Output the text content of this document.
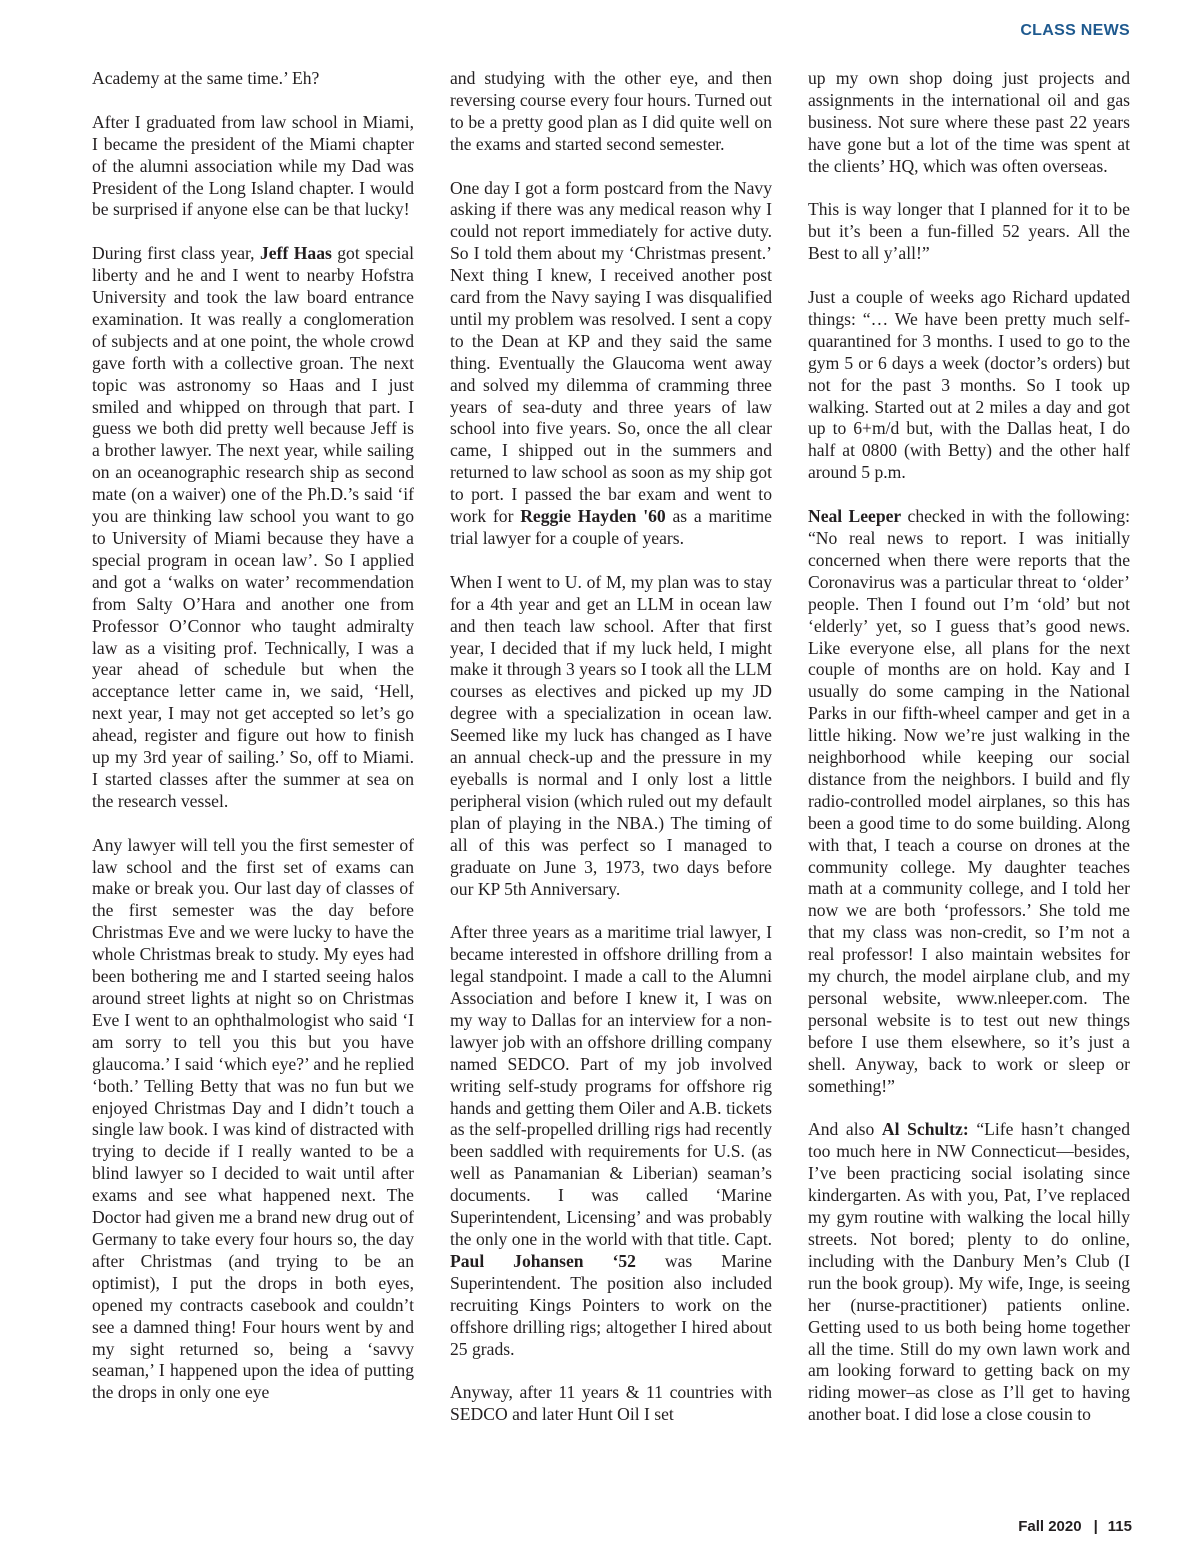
CLASS NEWS

Academy at the same time.’ Eh?

After I graduated from law school in Miami, I became the president of the Miami chapter of the alumni association while my Dad was President of the Long Island chapter. I would be surprised if anyone else can be that lucky!

During first class year, Jeff Haas got special liberty and he and I went to nearby Hofstra University and took the law board entrance examination. It was really a conglomeration of subjects and at one point, the whole crowd gave forth with a collective groan. The next topic was astronomy so Haas and I just smiled and whipped on through that part. I guess we both did pretty well because Jeff is a brother lawyer. The next year, while sailing on an oceanographic research ship as second mate (on a waiver) one of the Ph.D.’s said ‘if you are thinking law school you want to go to University of Miami because they have a special program in ocean law’. So I applied and got a ‘walks on water’ recommendation from Salty O’Hara and another one from Professor O’Connor who taught admiralty law as a visiting prof. Technically, I was a year ahead of schedule but when the acceptance letter came in, we said, ‘Hell, next year, I may not get accepted so let’s go ahead, register and figure out how to finish up my 3rd year of sailing.’ So, off to Miami. I started classes after the summer at sea on the research vessel.

Any lawyer will tell you the first semester of law school and the first set of exams can make or break you. Our last day of classes of the first semester was the day before Christmas Eve and we were lucky to have the whole Christmas break to study. My eyes had been bothering me and I started seeing halos around street lights at night so on Christmas Eve I went to an ophthalmologist who said ‘I am sorry to tell you this but you have glaucoma.’ I said ‘which eye?’ and he replied ‘both.’ Telling Betty that was no fun but we enjoyed Christmas Day and I didn’t touch a single law book. I was kind of distracted with trying to decide if I really wanted to be a blind lawyer so I decided to wait until after exams and see what happened next. The Doctor had given me a brand new drug out of Germany to take every four hours so, the day after Christmas (and trying to be an optimist), I put the drops in both eyes, opened my contracts casebook and couldn’t see a damned thing! Four hours went by and my sight returned so, being a ‘savvy seaman,’ I happened upon the idea of putting the drops in only one eye

and studying with the other eye, and then reversing course every four hours. Turned out to be a pretty good plan as I did quite well on the exams and started second semester.

One day I got a form postcard from the Navy asking if there was any medical reason why I could not report immediately for active duty. So I told them about my ‘Christmas present.’ Next thing I knew, I received another post card from the Navy saying I was disqualified until my problem was resolved. I sent a copy to the Dean at KP and they said the same thing. Eventually the Glaucoma went away and solved my dilemma of cramming three years of sea-duty and three years of law school into five years. So, once the all clear came, I shipped out in the summers and returned to law school as soon as my ship got to port. I passed the bar exam and went to work for Reggie Hayden '60 as a maritime trial lawyer for a couple of years.

When I went to U. of M, my plan was to stay for a 4th year and get an LLM in ocean law and then teach law school. After that first year, I decided that if my luck held, I might make it through 3 years so I took all the LLM courses as electives and picked up my JD degree with a specialization in ocean law. Seemed like my luck has changed as I have an annual check-up and the pressure in my eyeballs is normal and I only lost a little peripheral vision (which ruled out my default plan of playing in the NBA.) The timing of all of this was perfect so I managed to graduate on June 3, 1973, two days before our KP 5th Anniversary.

After three years as a maritime trial lawyer, I became interested in offshore drilling from a legal standpoint. I made a call to the Alumni Association and before I knew it, I was on my way to Dallas for an interview for a non-lawyer job with an offshore drilling company named SEDCO. Part of my job involved writing self-study programs for offshore rig hands and getting them Oiler and A.B. tickets as the self-propelled drilling rigs had recently been saddled with requirements for U.S. (as well as Panamanian & Liberian) seaman’s documents. I was called ‘Marine Superintendent, Licensing’ and was probably the only one in the world with that title. Capt. Paul Johansen ‘52 was Marine Superintendent. The position also included recruiting Kings Pointers to work on the offshore drilling rigs; altogether I hired about 25 grads.

Anyway, after 11 years & 11 countries with SEDCO and later Hunt Oil I set

up my own shop doing just projects and assignments in the international oil and gas business. Not sure where these past 22 years have gone but a lot of the time was spent at the clients’ HQ, which was often overseas.

This is way longer that I planned for it to be but it’s been a fun-filled 52 years. All the Best to all y’all!”

Just a couple of weeks ago Richard updated things: “… We have been pretty much self-quarantined for 3 months. I used to go to the gym 5 or 6 days a week (doctor’s orders) but not for the past 3 months. So I took up walking. Started out at 2 miles a day and got up to 6+m/d but, with the Dallas heat, I do half at 0800 (with Betty) and the other half around 5 p.m.

Neal Leeper checked in with the following: “No real news to report. I was initially concerned when there were reports that the Coronavirus was a particular threat to ‘older’ people. Then I found out I’m ‘old’ but not ‘elderly’ yet, so I guess that’s good news. Like everyone else, all plans for the next couple of months are on hold. Kay and I usually do some camping in the National Parks in our fifth-wheel camper and get in a little hiking. Now we’re just walking in the neighborhood while keeping our social distance from the neighbors. I build and fly radio-controlled model airplanes, so this has been a good time to do some building. Along with that, I teach a course on drones at the community college. My daughter teaches math at a community college, and I told her now we are both ‘professors.’ She told me that my class was non-credit, so I’m not a real professor! I also maintain websites for my church, the model airplane club, and my personal website, www.nleeper.com. The personal website is to test out new things before I use them elsewhere, so it’s just a shell. Anyway, back to work or sleep or something!”

And also Al Schultz: “Life hasn’t changed too much here in NW Connecticut—besides, I’ve been practicing social isolating since kindergarten. As with you, Pat, I’ve replaced my gym routine with walking the local hilly streets. Not bored; plenty to do online, including with the Danbury Men’s Club (I run the book group). My wife, Inge, is seeing her (nurse-practitioner) patients online. Getting used to us both being home together all the time. Still do my own lawn work and am looking forward to getting back on my riding mower–as close as I’ll get to having another boat. I did lose a close cousin to

Fall 2020 | 115
